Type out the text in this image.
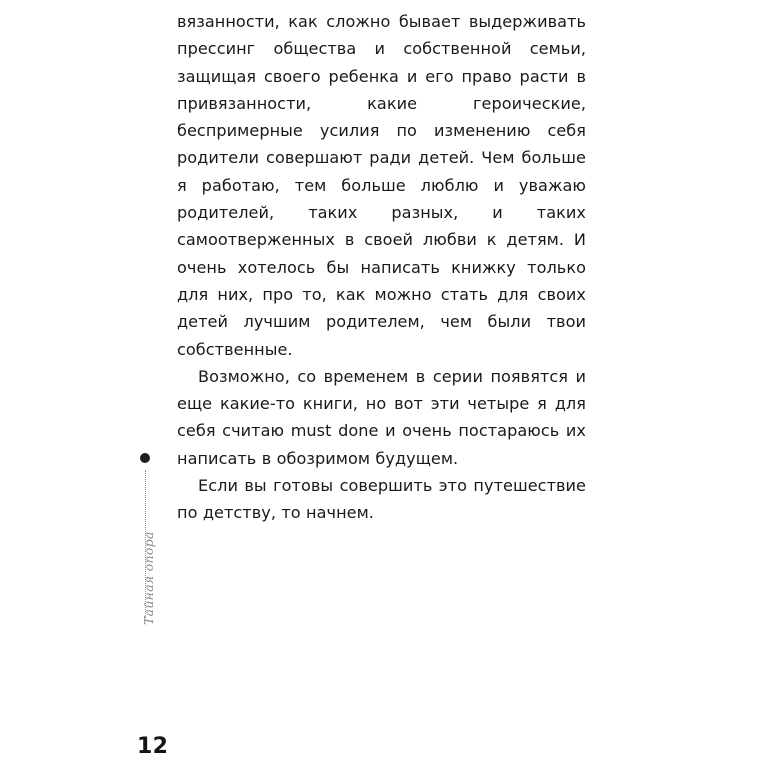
вязанности, как сложно бывает выдерживать прессинг общества и собственной семьи, защищая своего ребенка и его право расти в привязанности, какие героические, беспримерные усилия по изменению себя родители совершают ради детей. Чем больше я работаю, тем больше люблю и уважаю родителей, таких разных, и таких самоотверженных в своей любви к детям. И очень хотелось бы написать книжку только для них, про то, как можно стать для своих детей лучшим родителем, чем были твои собственные.

Возможно, со временем в серии появятся и еще какие-то книги, но вот эти четыре я для себя считаю must done и очень постараюсь их написать в обозримом будущем.

Если вы готовы совершить это путешествие по детству, то начнем.

Тайная опора
12
